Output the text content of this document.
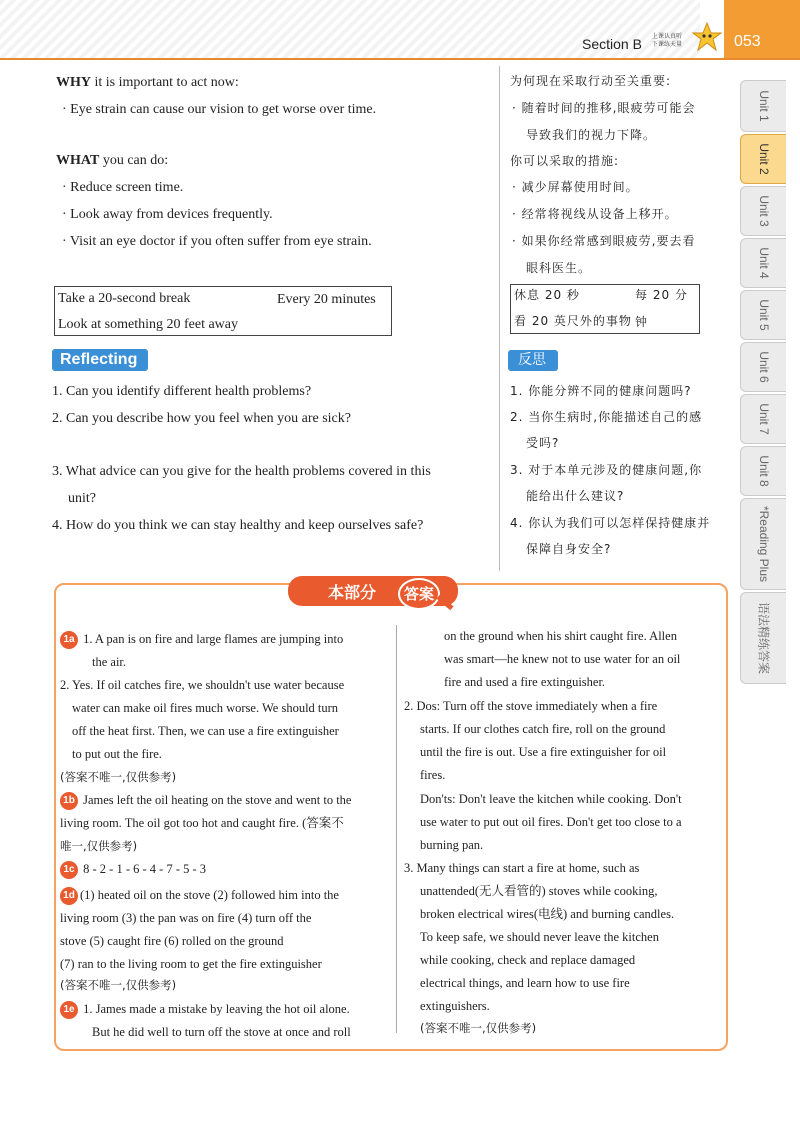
Section B 上课认真听
下课练天量	053
WHY it is important to act now:
· Eye strain can cause our vision to get worse over time.
WHAT you can do:
· Reduce screen time.
· Look away from devices frequently.
· Visit an eye doctor if you often suffer from eye strain.
Take a 20-second break	Every 20 minutes
Look at something 20 feet away
Reflecting
1. Can you identify different health problems?
2. Can you describe how you feel when you are sick?
3. What advice can you give for the health problems covered in this
unit?
4. How do you think we can stay healthy and keep ourselves safe?
为何现在采取行动至关重要:
· 随着时间的推移,眼疲劳可能会
导致我们的视力下降。
你可以采取的措施:
· 减少屏幕使用时间。
· 经常将视线从设备上移开。
· 如果你经常感到眼疲劳,要去看
眼科医生。
休息 20 秒	每 20 分钟
看 20 英尺外的事物
反思
1. 你能分辨不同的健康问题吗?
2. 当你生病时,你能描述自己的感
受吗?
3. 对于本单元涉及的健康问题,你
能给出什么建议?
4. 你认为我们可以怎样保持健康并
保障自身安全?
Unit 1
Unit 2
Unit 3
Unit 4
Unit 5
Unit 6
Unit 7
Unit 8
*Reading Plus
语法精练答案
本部分	答案
1a 1. A pan is on fire and large flames are jumping into
the air.
2. Yes. If oil catches fire, we shouldn't use water because
water can make oil fires much worse. We should turn
off the heat first. Then, we can use a fire extinguisher
to put out the fire.
(答案不唯一,仅供参考)
1b James left the oil heating on the stove and went to the
living room. The oil got too hot and caught fire. (答案不
唯一,仅供参考)
1c 8 - 2 - 1 - 6 - 4 - 7 - 5 - 3
1d (1) heated oil on the stove (2) followed him into the
living room (3) the pan was on fire (4) turn off the
stove (5) caught fire (6) rolled on the ground
(7) ran to the living room to get the fire extinguisher
(答案不唯一,仅供参考)
1e 1. James made a mistake by leaving the hot oil alone.
But he did well to turn off the stove at once and roll
on the ground when his shirt caught fire. Allen
was smart—he knew not to use water for an oil
fire and used a fire extinguisher.
2. Dos: Turn off the stove immediately when a fire
starts. If our clothes catch fire, roll on the ground
until the fire is out. Use a fire extinguisher for oil
fires.
Don'ts: Don't leave the kitchen while cooking. Don't
use water to put out oil fires. Don't get too close to a
burning pan.
3. Many things can start a fire at home, such as
unattended(无人看管的) stoves while cooking,
broken electrical wires(电线) and burning candles.
To keep safe, we should never leave the kitchen
while cooking, check and replace damaged
electrical things, and learn how to use fire
extinguishers.
(答案不唯一,仅供参考)
